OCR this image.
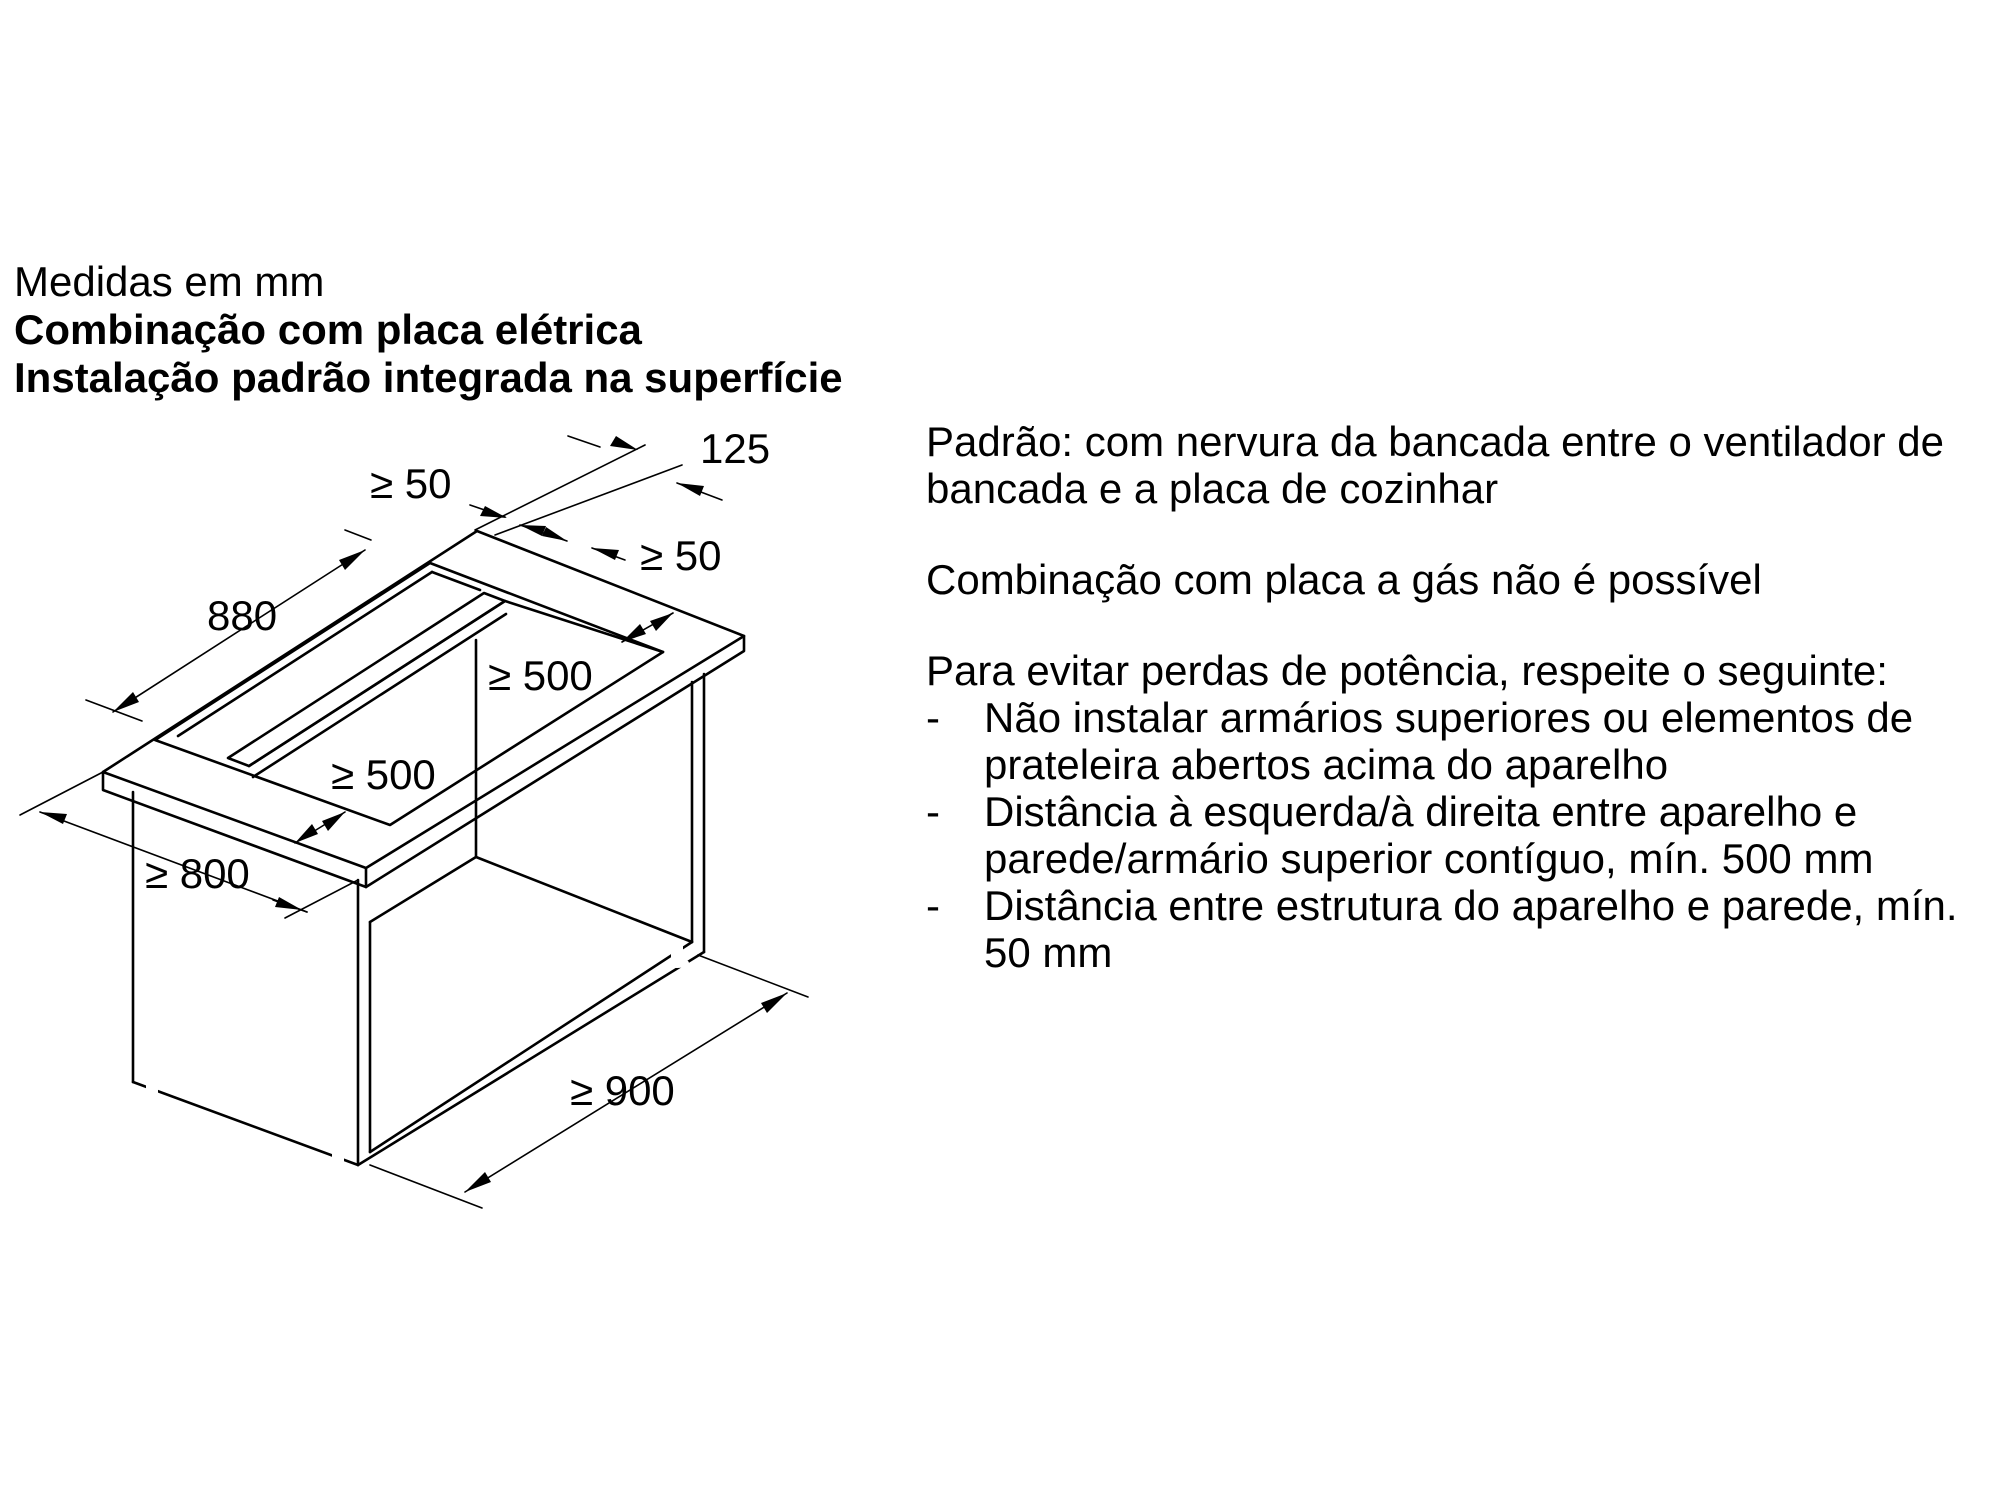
Medidas em mm
Combinação com placa elétrica
Instalação padrão integrada na superfície
125
≥ 50
≥ 50
880
≥ 500
≥ 500
≥ 800
≥ 900

Padrão: com nervura da bancada entre o ventilador de bancada e a placa de cozinhar

Combinação com placa a gás não é possível

Para evitar perdas de potência, respeite o seguinte:

- Não instalar armários superiores ou elementos de prateleira abertos acima do aparelho
- Distância à esquerda/à direita entre aparelho e parede/armário superior contíguo, mín. 500 mm
- Distância entre estrutura do aparelho e parede, mín. 50 mm
